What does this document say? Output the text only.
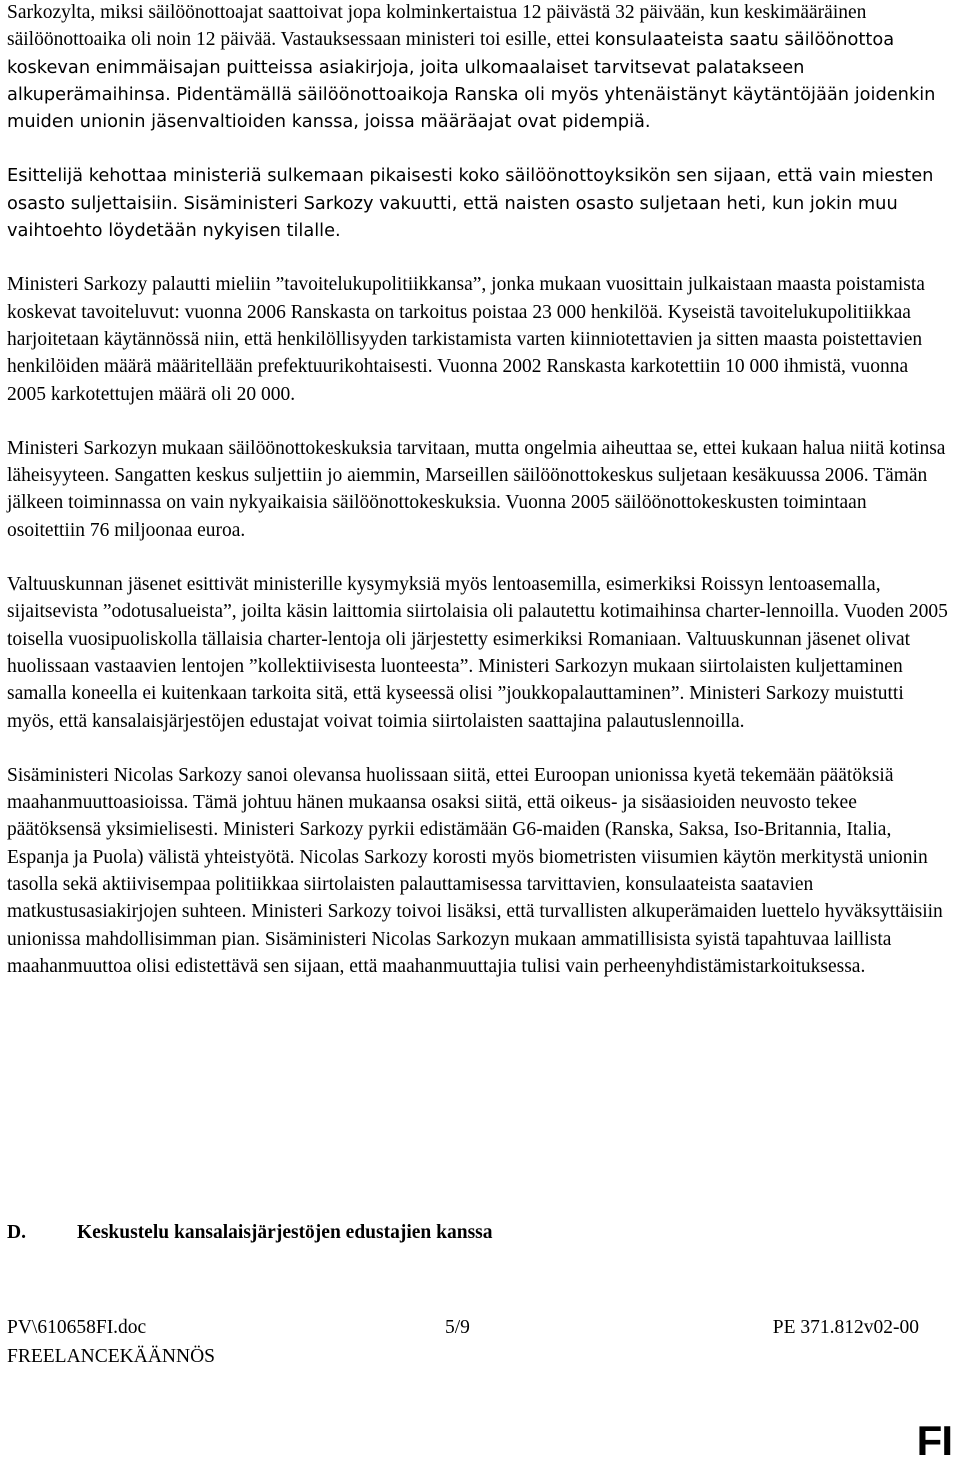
Sarkozylta, miksi säilöönottoajat saattoivat jopa kolminkertaistua 12 päivästä 32 päivään, kun keskimääräinen säilöönottoaika oli noin 12 päivää. Vastauksessaan ministeri toi esille, ettei konsulaateista saatu säilöönottoa koskevan enimmäisajan puitteissa asiakirjoja, joita ulkomaalaiset tarvitsevat palatakseen alkuperämaihinsa. Pidentämällä säilöönottoaikoja Ranska oli myös yhtenäistänyt käytäntöjään joidenkin muiden unionin jäsenvaltioiden kanssa, joissa määräajat ovat pidempiä.

Esittelijä kehottaa ministeriä sulkemaan pikaisesti koko säilöönottoyksikön sen sijaan, että vain miesten osasto suljettaisiin. Sisäministeri Sarkozy vakuutti, että naisten osasto suljetaan heti, kun jokin muu vaihtoehto löydetään nykyisen tilalle.

Ministeri Sarkozy palautti mieliin ”tavoitelukupolitiikkansa”, jonka mukaan vuosittain julkaistaan maasta poistamista koskevat tavoiteluvut: vuonna 2006 Ranskasta on tarkoitus poistaa 23 000 henkilöä. Kyseistä tavoitelukupolitiikkaa harjoitetaan käytännössä niin, että henkilöllisyyden tarkistamista varten kiinniotettavien ja sitten maasta poistettavien henkilöiden määrä määritellään prefektuurikohtaisesti. Vuonna 2002 Ranskasta karkotettiin 10 000 ihmistä, vuonna 2005 karkotettujen määrä oli 20 000.

Ministeri Sarkozyn mukaan säilöönottokeskuksia tarvitaan, mutta ongelmia aiheuttaa se, ettei kukaan halua niitä kotinsa läheisyyteen. Sangatten keskus suljettiin jo aiemmin, Marseillen säilöönottokeskus suljetaan kesäkuussa 2006. Tämän jälkeen toiminnassa on vain nykyaikaisia säilöönottokeskuksia. Vuonna 2005 säilöönottokeskusten toimintaan osoitettiin 76 miljoonaa euroa.

Valtuuskunnan jäsenet esittivät ministerille kysymyksiä myös lentoasemilla, esimerkiksi Roissyn lentoasemalla, sijaitsevista ”odotusalueista”, joilta käsin laittomia siirtolaisia oli palautettu kotimaihinsa charter-lennoilla. Vuoden 2005 toisella vuosipuoliskolla tällaisia charter-lentoja oli järjestetty esimerkiksi Romaniaan. Valtuuskunnan jäsenet olivat huolissaan vastaavien lentojen ”kollektiivisesta luonteesta”. Ministeri Sarkozyn mukaan siirtolaisten kuljettaminen samalla koneella ei kuitenkaan tarkoita sitä, että kyseessä olisi ”joukkopalauttaminen”. Ministeri Sarkozy muistutti myös, että kansalaisjärjestöjen edustajat voivat toimia siirtolaisten saattajina palautuslennoilla.

Sisäministeri Nicolas Sarkozy sanoi olevansa huolissaan siitä, ettei Euroopan unionissa kyetä tekemään päätöksiä maahanmuuttoasioissa. Tämä johtuu hänen mukaansa osaksi siitä, että oikeus- ja sisäasioiden neuvosto tekee päätöksensä yksimielisesti. Ministeri Sarkozy pyrkii edistämään G6-maiden (Ranska, Saksa, Iso-Britannia, Italia, Espanja ja Puola) välistä yhteistyötä. Nicolas Sarkozy korosti myös biometristen viisumien käytön merkitystä unionin tasolla sekä aktiivisempaa politiikkaa siirtolaisten palauttamisessa tarvittavien, konsulaateista saatavien matkustusasiakirjojen suhteen. Ministeri Sarkozy toivoi lisäksi, että turvallisten alkuperämaiden luettelo hyväksyttäisiin unionissa mahdollisimman pian. Sisäministeri Nicolas Sarkozyn mukaan ammatillisista syistä tapahtuvaa laillista maahanmuuttoa olisi edistettävä sen sijaan, että maahanmuuttajia tulisi vain perheenyhdistämistarkoituksessa.

D.	Keskustelu kansalaisjärjestöjen edustajien kanssa
PV\610658FI.doc	5/9	PE 371.812v02-00
FREELANCEKÄÄNNÖS
FI
